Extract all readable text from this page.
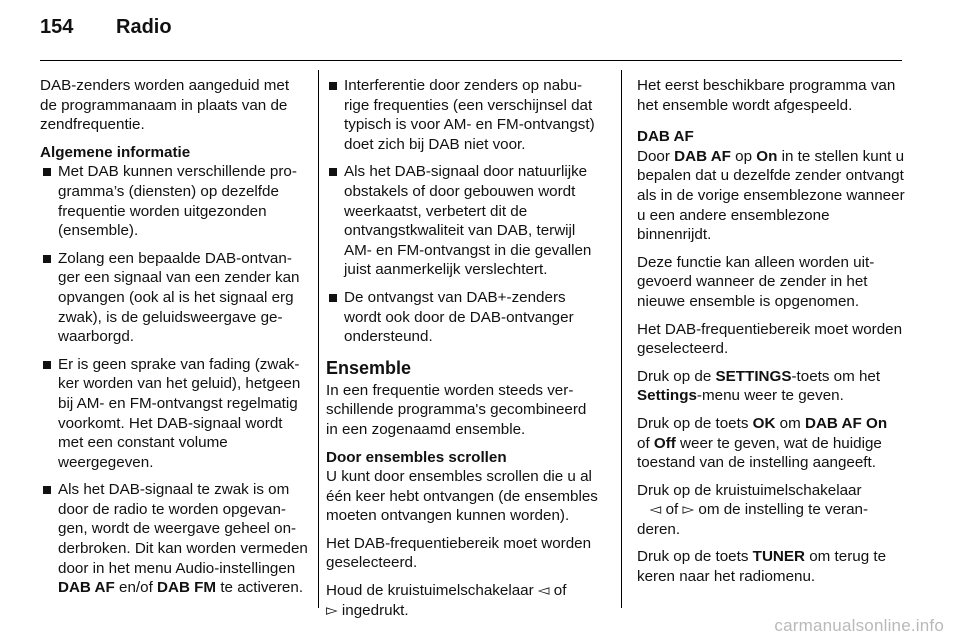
154	Radio

DAB-zenders worden aangeduid met de programmanaam in plaats van de zendfrequentie.

Algemene informatie
Met DAB kunnen verschillende programma’s (diensten) op dezelfde frequentie worden uitgezonden (ensemble).
Zolang een bepaalde DAB-ontvanger een signaal van een zender kan opvangen (ook al is het signaal erg zwak), is de geluidsweergave gewaarborgd.
Er is geen sprake van fading (zwakker worden van het geluid), hetgeen bij AM- en FM-ontvangst regelmatig voorkomt. Het DAB-signaal wordt met een constant volume weergegeven.
Als het DAB-signaal te zwak is om door de radio te worden opgevangen, wordt de weergave geheel onderbroken. Dit kan worden vermeden door in het menu Audio-instellingen DAB AF en/of DAB FM te activeren.
Interferentie door zenders op naburige frequenties (een verschijnsel dat typisch is voor AM- en FM-ontvangst) doet zich bij DAB niet voor.
Als het DAB-signaal door natuurlijke obstakels of door gebouwen wordt weerkaatst, verbetert dit de ontvangstkwaliteit van DAB, terwijl AM- en FM-ontvangst in die gevallen juist aanmerkelijk verslechtert.
De ontvangst van DAB+-zenders wordt ook door de DAB-ontvanger ondersteund.
Ensemble

In een frequentie worden steeds verschillende programma's gecombineerd in een zogenaamd ensemble.

Door ensembles scrollen

U kunt door ensembles scrollen die u al één keer hebt ontvangen (de ensembles moeten ontvangen kunnen worden).

Het DAB-frequentiebereik moet worden geselecteerd.

Houd de kruistuimelschakelaar ◅ of
▻ ingedrukt.

Het eerst beschikbare programma van het ensemble wordt afgespeeld.

DAB AF

Door DAB AF op On in te stellen kunt u bepalen dat u dezelfde zender ontvangt als in de vorige ensemblezone wanneer u een andere ensemblezone binnenrijdt.

Deze functie kan alleen worden uitgevoerd wanneer de zender in het nieuwe ensemble is opgenomen.

Het DAB-frequentiebereik moet worden geselecteerd.

Druk op de SETTINGS-toets om het Settings-menu weer te geven.

Druk op de toets OK om DAB AF On
of Off weer te geven, wat de huidige toestand van de instelling aangeeft.

Druk op de kruistuimelschakelaar
◅ of ▻ om de instelling te veranderen.

Druk op de toets TUNER om terug te keren naar het radiomenu.

carmanualsonline.info
